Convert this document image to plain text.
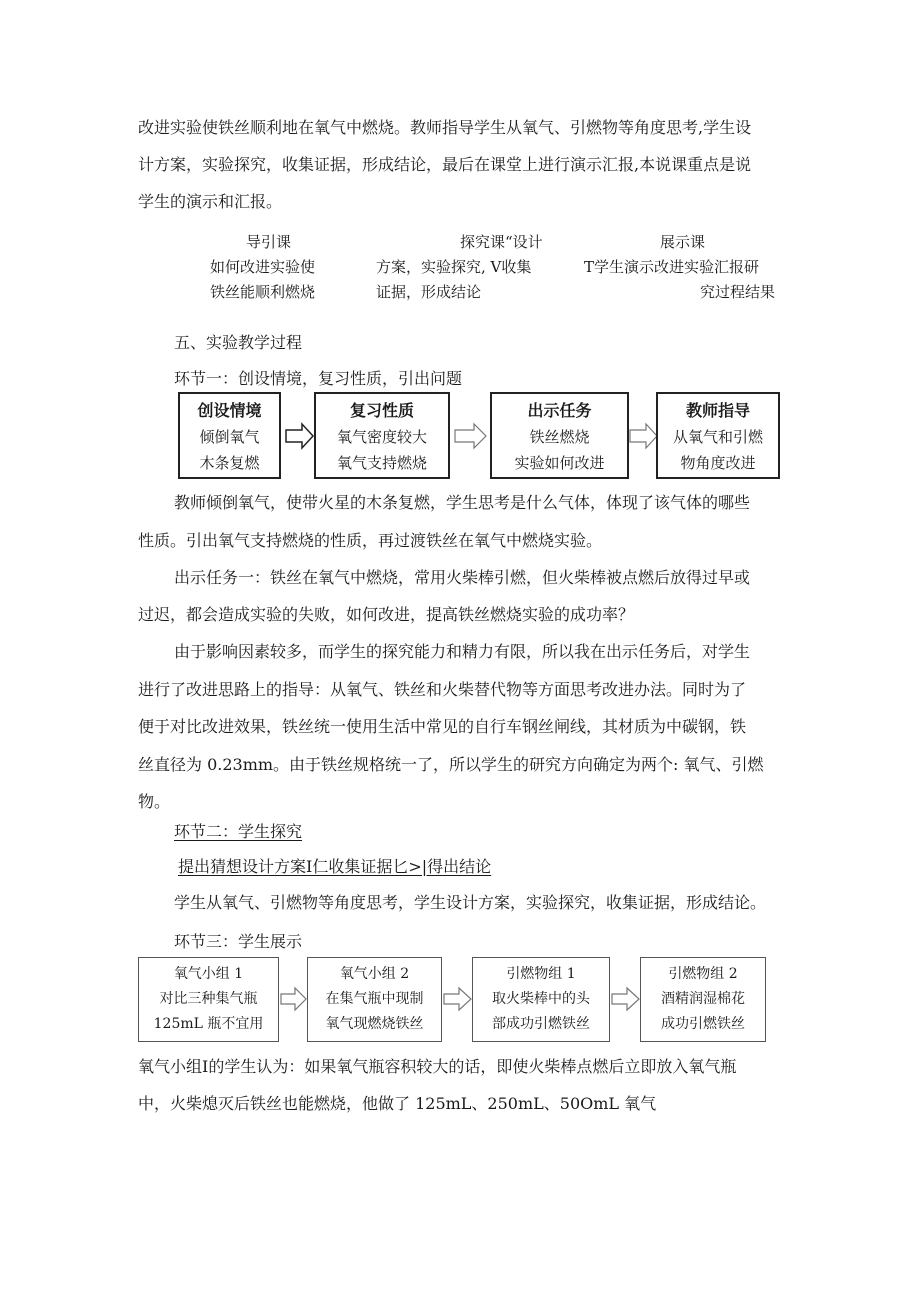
改进实验使铁丝顺利地在氧气中燃烧。教师指导学生从氧气、引燃物等角度思考,学生设
计方案，实验探究，收集证据，形成结论，最后在课堂上进行演示汇报,本说课重点是说
学生的演示和汇报。
导引课
如何改进实验使
铁丝能顺利燃烧
探究课“设计
方案，实验探究, V收集
证据，形成结论
展示课
T学生演示改进实验汇报研
究过程结果
五、实验教学过程
环节一：创设情境，复习性质，引出问题
创设情境
倾倒氧气
木条复燃
复习性质
氧气密度较大
氧气支持燃烧
出示任务
铁丝燃烧
实验如何改进
教师指导
从氧气和引燃
物角度改进
教师倾倒氧气，使带火星的木条复燃，学生思考是什么气体，体现了该气体的哪些
性质。引出氧气支持燃烧的性质，再过渡铁丝在氧气中燃烧实验。
出示任务一：铁丝在氧气中燃烧，常用火柴棒引燃，但火柴棒被点燃后放得过早或
过迟，都会造成实验的失败，如何改进，提高铁丝燃烧实验的成功率？
由于影响因素较多，而学生的探究能力和精力有限，所以我在出示任务后，对学生
进行了改进思路上的指导：从氧气、铁丝和火柴替代物等方面思考改进办法。同时为了
便于对比改进效果，铁丝统一使用生活中常见的自行车钢丝闸线，其材质为中碳钢，铁
丝直径为 0.23mm。由于铁丝规格统一了，所以学生的研究方向确定为两个: 氧气、引燃
物。
环节二：学生探究
提出猜想设计方案I仁收集证据匕>|得出结论
学生从氧气、引燃物等角度思考，学生设计方案，实验探究，收集证据，形成结论。
环节三：学生展示
氧气小组 1
对比三种集气瓶
125mL 瓶不宜用
氧气小组 2
在集气瓶中现制
氧气现燃烧铁丝
引燃物组 1
取火柴棒中的头
部成功引燃铁丝
引燃物组 2
酒精润湿棉花
成功引燃铁丝
氧气小组I的学生认为：如果氧气瓶容积较大的话，即使火柴棒点燃后立即放入氧气瓶
中，火柴熄灭后铁丝也能燃烧，他做了 125mL、250mL、50OmL 氧气
